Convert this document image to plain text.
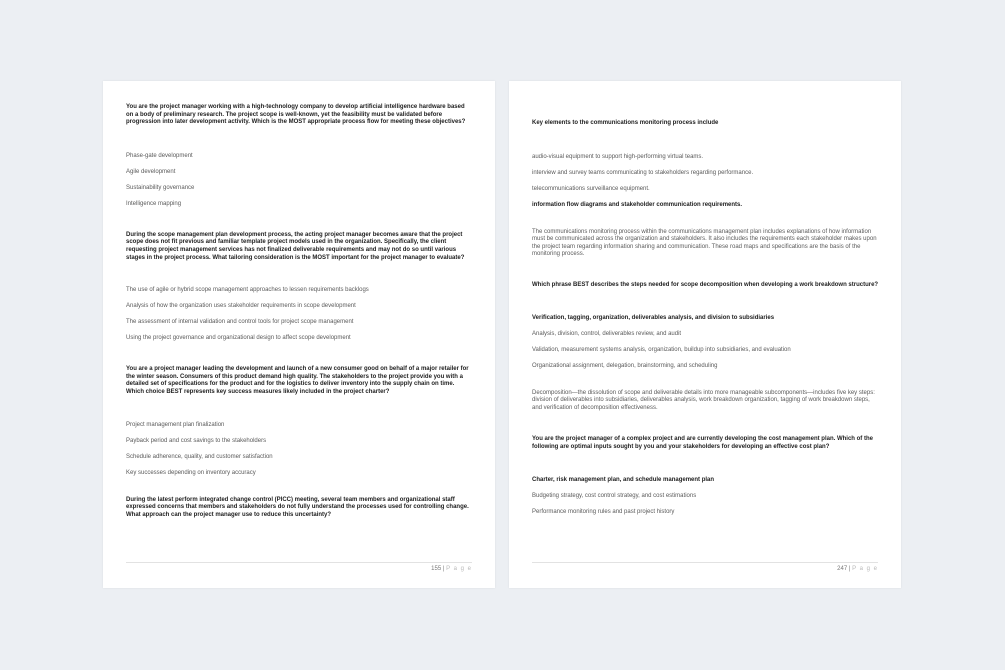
You are the project manager working with a high-technology company to develop artificial intelligence hardware based on a body of preliminary research. The project scope is well-known, yet the feasibility must be validated before progression into later development activity. Which is the MOST appropriate process flow for meeting these objectives?
Phase-gate development
Agile development
Sustainability governance
Intelligence mapping
During the scope management plan development process, the acting project manager becomes aware that the project scope does not fit previous and familiar template project models used in the organization. Specifically, the client requesting project management services has not finalized deliverable requirements and may not do so until various stages in the project process. What tailoring consideration is the MOST important for the project manager to evaluate?
The use of agile or hybrid scope management approaches to lessen requirements backlogs
Analysis of how the organization uses stakeholder requirements in scope development
The assessment of internal validation and control tools for project scope management
Using the project governance and organizational design to affect scope development
You are a project manager leading the development and launch of a new consumer good on behalf of a major retailer for the winter season. Consumers of this product demand high quality. The stakeholders to the project provide you with a detailed set of specifications for the product and for the logistics to deliver inventory into the supply chain on time. Which choice BEST represents key success measures likely included in the project charter?
Project management plan finalization
Payback period and cost savings to the stakeholders
Schedule adherence, quality, and customer satisfaction
Key successes depending on inventory accuracy
During the latest perform integrated change control (PICC) meeting, several team members and organizational staff expressed concerns that members and stakeholders do not fully understand the processes used for controlling change. What approach can the project manager use to reduce this uncertainty?
155 | P a g e
Key elements to the communications monitoring process include
audio-visual equipment to support high-performing virtual teams.
interview and survey teams communicating to stakeholders regarding performance.
telecommunications surveillance equipment.
information flow diagrams and stakeholder communication requirements.
The communications monitoring process within the communications management plan includes explanations of how information must be communicated across the organization and stakeholders. It also includes the requirements each stakeholder makes upon the project team regarding information sharing and communication. These road maps and specifications are the basis of the monitoring process.
Which phrase BEST describes the steps needed for scope decomposition when developing a work breakdown structure?
Verification, tagging, organization, deliverables analysis, and division to subsidiaries
Analysis, division, control, deliverables review, and audit
Validation, measurement systems analysis, organization, buildup into subsidiaries, and evaluation
Organizational assignment, delegation, brainstorming, and scheduling
Decomposition—the dissolution of scope and deliverable details into more manageable subcomponents—includes five key steps: division of deliverables into subsidiaries, deliverables analysis, work breakdown organization, tagging of work breakdown steps, and verification of decomposition effectiveness.
You are the project manager of a complex project and are currently developing the cost management plan. Which of the following are optimal inputs sought by you and your stakeholders for developing an effective cost plan?
Charter, risk management plan, and schedule management plan
Budgeting strategy, cost control strategy, and cost estimations
Performance monitoring rules and past project history
247 | P a g e
